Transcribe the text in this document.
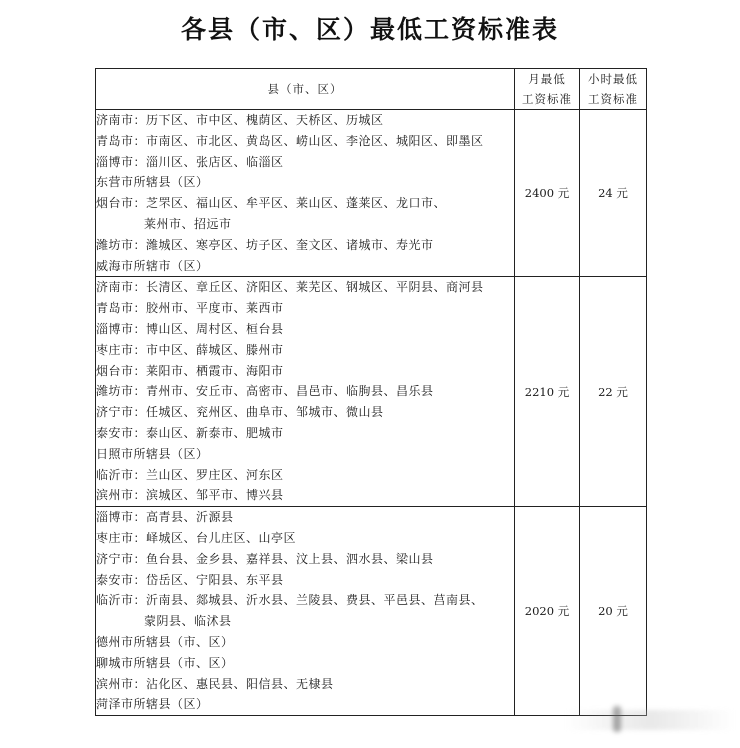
各县（市、区）最低工资标准表
县（市、区）	
月最低
工资标准

小时最低
工资标准

济南市：历下区、市中区、槐荫区、天桥区、历城区
青岛市：市南区、市北区、黄岛区、崂山区、李沧区、城阳区、即墨区
淄博市：淄川区、张店区、临淄区
东营市所辖县（区）
烟台市：芝罘区、福山区、牟平区、莱山区、蓬莱区、龙口市、
莱州市、招远市
潍坊市：潍城区、寒亭区、坊子区、奎文区、诸城市、寿光市
威海市所辖市（区）
	2400 元	24 元

济南市：长清区、章丘区、济阳区、莱芜区、钢城区、平阴县、商河县
青岛市：胶州市、平度市、莱西市
淄博市：博山区、周村区、桓台县
枣庄市：市中区、薛城区、滕州市
烟台市：莱阳市、栖霞市、海阳市
潍坊市：青州市、安丘市、高密市、昌邑市、临朐县、昌乐县
济宁市：任城区、兖州区、曲阜市、邹城市、微山县
泰安市：泰山区、新泰市、肥城市
日照市所辖县（区）
临沂市：兰山区、罗庄区、河东区
滨州市：滨城区、邹平市、博兴县
	2210 元	22 元

淄博市：高青县、沂源县
枣庄市：峄城区、台儿庄区、山亭区
济宁市：鱼台县、金乡县、嘉祥县、汶上县、泗水县、梁山县
泰安市：岱岳区、宁阳县、东平县
临沂市：沂南县、郯城县、沂水县、兰陵县、费县、平邑县、莒南县、
蒙阴县、临沭县
德州市所辖县（市、区）
聊城市所辖县（市、区）
滨州市：沾化区、惠民县、阳信县、无棣县
菏泽市所辖县（区）
	2020 元	20 元
